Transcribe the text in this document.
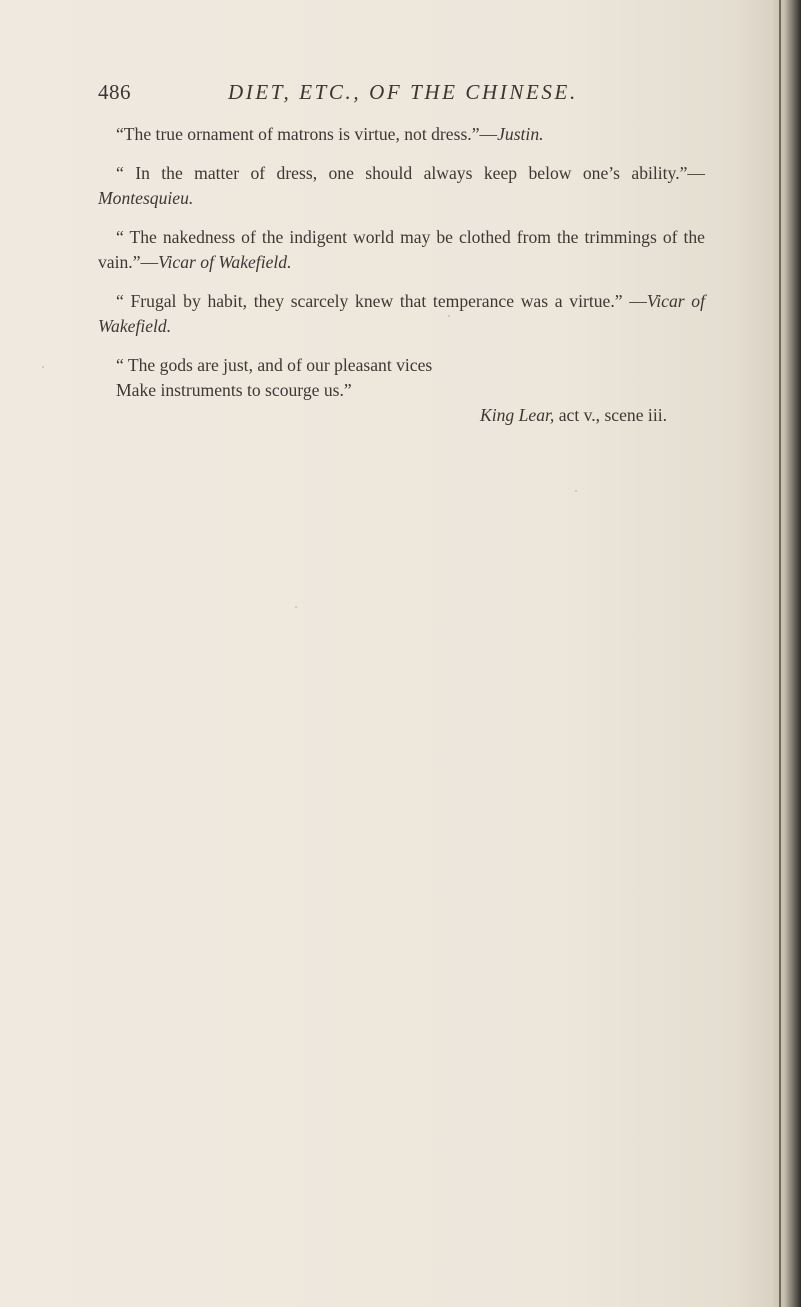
486	DIET, ETC., OF THE CHINESE.

“The true ornament of matrons is virtue, not dress.”—Justin.

“ In the matter of dress, one should always keep below one’s ability.”—Montesquieu.

“ The nakedness of the indigent world may be clothed from the trimmings of the vain.”—Vicar of Wakefield.

“ Frugal by habit, they scarcely knew that temperance was a virtue.” —Vicar of Wakefield.

“ The gods are just, and of our pleasant vices
Make instruments to scourge us.”
King Lear, act v., scene iii.
